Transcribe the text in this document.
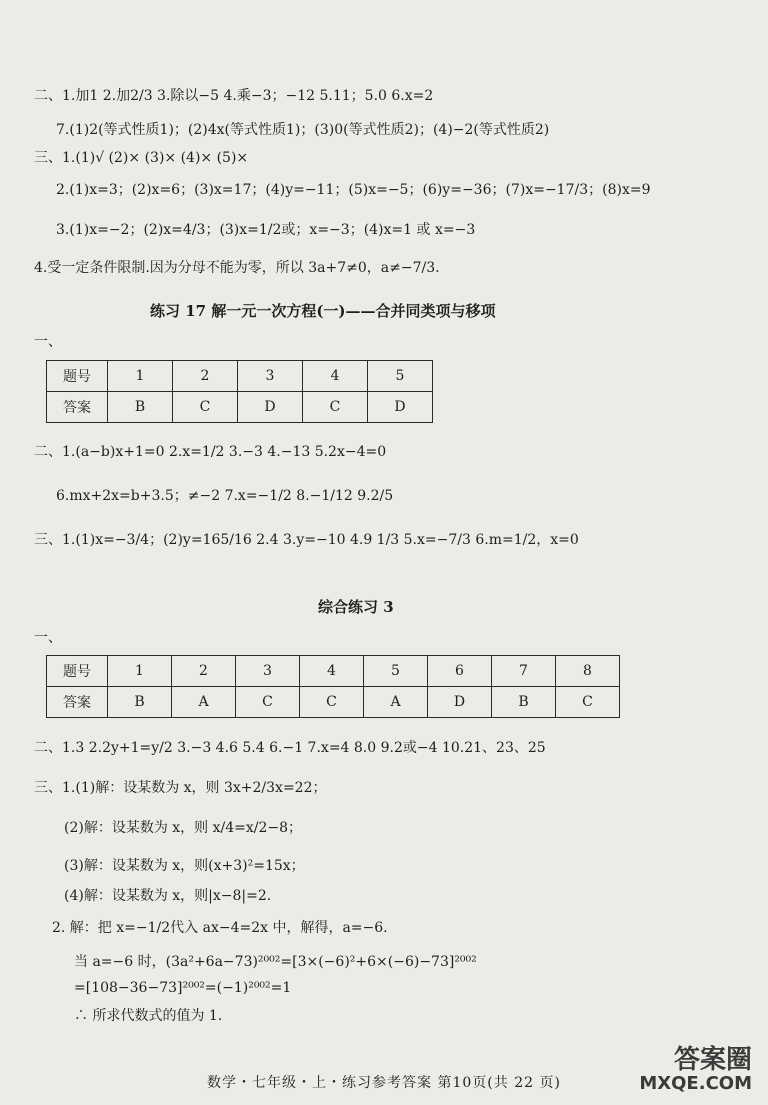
二、1.加1 2.加2/3 3.除以−5 4.乘−3；−12 5.11；5.0 6.x=2
7.(1)2(等式性质1)；(2)4x(等式性质1)；(3)0(等式性质2)；(4)−2(等式性质2)
三、1.(1)√ (2)× (3)× (4)× (5)×
2.(1)x=3；(2)x=6；(3)x=17；(4)y=−11；(5)x=−5；(6)y=−36；(7)x=−17/3；(8)x=9
3.(1)x=−2；(2)x=4/3；(3)x=1/2或；x=−3；(4)x=1 或 x=−3
4.受一定条件限制.因为分母不能为零，所以 3a+7≠0，a≠−7/3.
练习 17 解一元一次方程(一)——合并同类项与移项
一、
题号	1	2	3	4	5
答案	B	C	D	C	D
二、1.(a−b)x+1=0 2.x=1/2 3.−3 4.−13 5.2x−4=0
6.mx+2x=b+3.5；≠−2 7.x=−1/2 8.−1/12 9.2/5
三、1.(1)x=−3/4；(2)y=165/16 2.4 3.y=−10 4.9 1/3 5.x=−7/3 6.m=1/2，x=0
综合练习 3
一、
题号	1	2	3	4	5	6	7	8
答案	B	A	C	C	A	D	B	C
二、1.3 2.2y+1=y/2 3.−3 4.6 5.4 6.−1 7.x=4 8.0 9.2或−4 10.21、23、25
三、1.(1)解：设某数为 x，则 3x+2/3x=22；
(2)解：设某数为 x，则 x/4=x/2−8；
(3)解：设某数为 x，则(x+3)²=15x；
(4)解：设某数为 x，则|x−8|=2.
2. 解：把 x=−1/2代入 ax−4=2x 中，解得，a=−6.
当 a=−6 时，(3a²+6a−73)²⁰⁰²=[3×(−6)²+6×(−6)−73]²⁰⁰²
=[108−36−73]²⁰⁰²=(−1)²⁰⁰²=1
∴ 所求代数式的值为 1.
数学・七年级・上・练习参考答案 第10页(共 22 页)
答案圈
MXQE.COM
